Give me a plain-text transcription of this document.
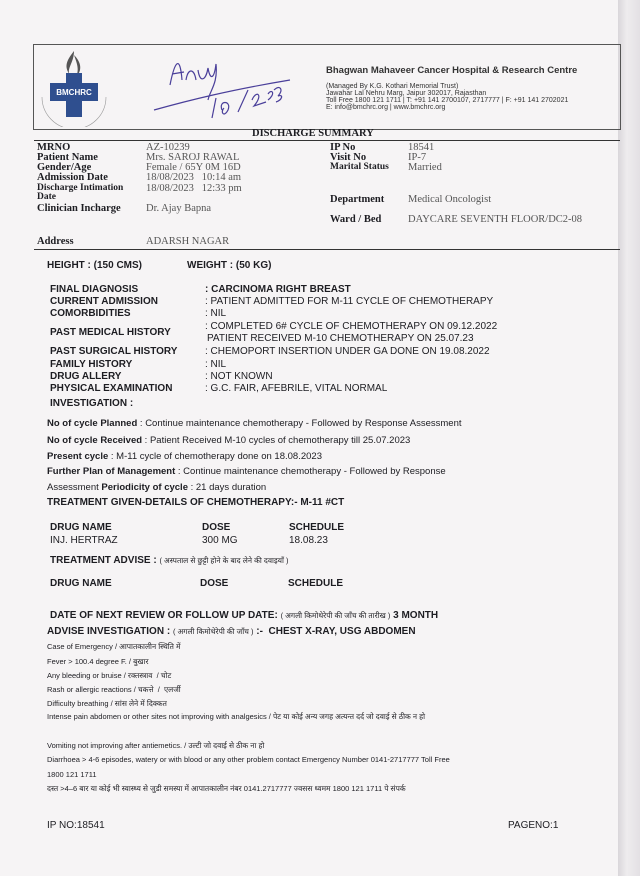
BMCHRC
Bhagwan Mahaveer Cancer Hospital & Research Centre
(Managed By K.G. Kothari Memorial Trust)
Jawahar Lal Nehru Marg, Jaipur 302017, Rajasthan
Toll Free 1800 121 1711 | T: +91 141 2700107, 2717777 | F: +91 141 2702021
E: info@bmchrc.org | www.bmchrc.org
DISCHARGE SUMMARY
MRNO	AZ-10239
Patient Name	Mrs. SAROJ RAWAL
Gender/Age	Female / 65Y 0M 16D
Admission Date	18/08/2023   10:14 am
Discharge Intimation
Date
18/08/2023   12:33 pm
Clinician Incharge Dr. Ajay Bapna
IP No	18541
Visit No	IP-7
Marital Status Married
Department Medical Oncologist
Ward / Bed	DAYCARE SEVENTH FLOOR/DC2-08
Address	ADARSH NAGAR
HEIGHT : (150 CMS)	WEIGHT : (50 KG)
FINAL DIAGNOSIS	: CARCINOMA RIGHT BREAST
CURRENT ADMISSION	: PATIENT ADMITTED FOR M-11 CYCLE OF CHEMOTHERAPY
COMORBIDITIES	: NIL
PAST MEDICAL HISTORY
: COMPLETED 6# CYCLE OF CHEMOTHERAPY ON 09.12.2022
PATIENT RECEIVED M-10 CHEMOTHERAPY ON 25.07.23
PAST SURGICAL HISTORY	: CHEMOPORT INSERTION UNDER GA DONE ON 19.08.2022
FAMILY HISTORY	: NIL
DRUG ALLERY	: NOT KNOWN
PHYSICAL EXAMINATION	: G.C. FAIR, AFEBRILE, VITAL NORMAL
INVESTIGATION :
No of cycle Planned : Continue maintenance chemotherapy - Followed by Response Assessment
No of cycle Received : Patient Received M-10 cycles of chemotherapy till 25.07.2023
Present cycle : M-11 cycle of chemotherapy done on 18.08.2023
Further Plan of Management : Continue maintenance chemotherapy - Followed by Response
Assessment Periodicity of cycle : 21 days duration
TREATMENT GIVEN-DETAILS OF CHEMOTHERAPY:- M-11 #CT
DRUG NAME	DOSE	SCHEDULE
INJ. HERTRAZ	300 MG	18.08.23
TREATMENT ADVISE : ( अस्पताल से छुट्टी होने के बाद लेने की दवाइयाँ )
DRUG NAME	DOSE	SCHEDULE
DATE OF NEXT REVIEW OR FOLLOW UP DATE: ( अगली किमोथेरेपी की जाँच की तारीख ) 3 MONTH
ADVISE INVESTIGATION : ( अगली किमोथेरेपी की जाँच ) :-  CHEST X-RAY, USG ABDOMEN
Case of Emergency / आपातकालीन स्थिति में
Fever > 100.4 degree F. / बुखार
Any bleeding or bruise / रक्तस्त्राव  / चोट
Rash or allergic reactions / चकत्ते  /  एलर्जी
Difficulty breathing / सांस लेने में दिक्कत
Intense pain abdomen or other sites not improving with analgesics / पेट या कोई अन्य जगह अत्यन्त दर्द जो दवाई से ठीक न हो
Vomiting not improving after antiemetics. / उल्टी जो दवाई से ठीक ना हो
Diarrhoea > 4-6 episodes, watery or with blood or any other problem contact Emergency Number 0141-2717777 Toll Free
1800 121 1711
दस्त >4–6 बार या कोई भी स्वास्थ्य से जुडी समस्या में आपातकालीन नंबर 0141.2717777 ज्वसस थ्वमम 1800 121 1711 पे संपर्क
IP NO:18541	PAGENO:1
